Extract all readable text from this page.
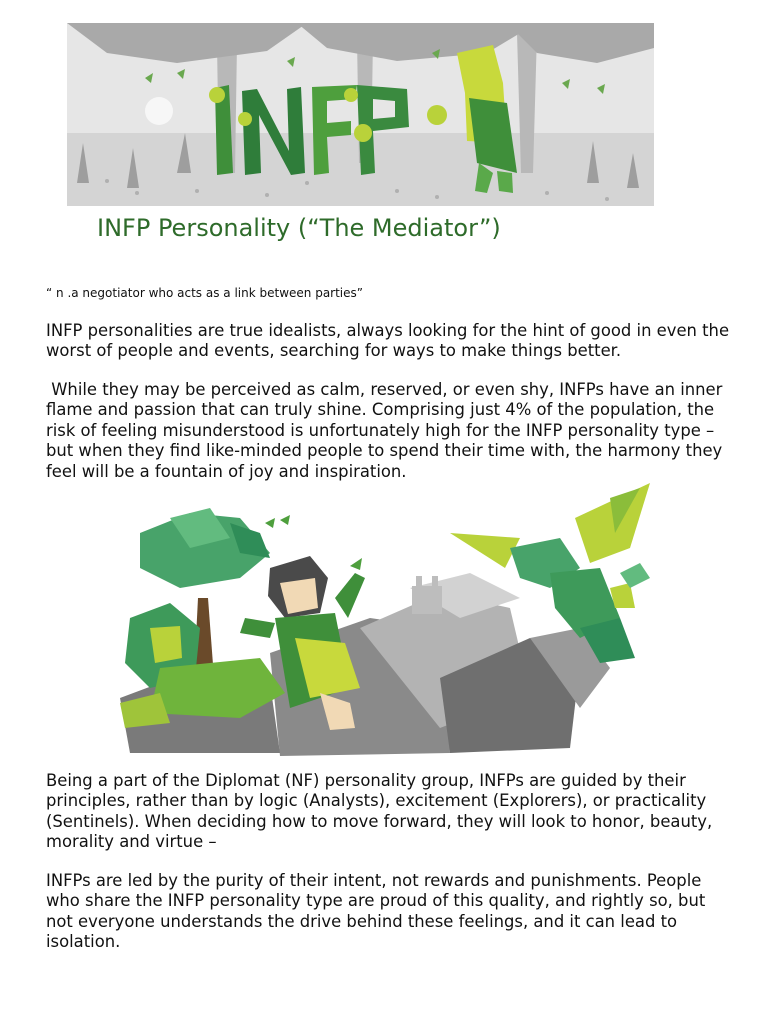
INFP Personality (“The Mediator”)

“ n .a negotiator who acts as a link between parties”

INFP personalities are true idealists, always looking for the hint of good in even the worst of people and events, searching for ways to make things better.

While they may be perceived as calm, reserved, or even shy, INFPs have an inner flame and passion that can truly shine. Comprising just 4% of the population, the risk of feeling misunderstood is unfortunately high for the INFP personality type – but when they find like-minded people to spend their time with, the harmony they feel will be a fountain of joy and inspiration.

Being a part of the Diplomat (NF) personality group, INFPs are guided by their principles, rather than by logic (Analysts), excitement (Explorers), or practicality (Sentinels). When deciding how to move forward, they will look to honor, beauty, morality and virtue –

INFPs are led by the purity of their intent, not rewards and punishments. People who share the INFP personality type are proud of this quality, and rightly so, but not everyone understands the drive behind these feelings, and it can lead to isolation.
